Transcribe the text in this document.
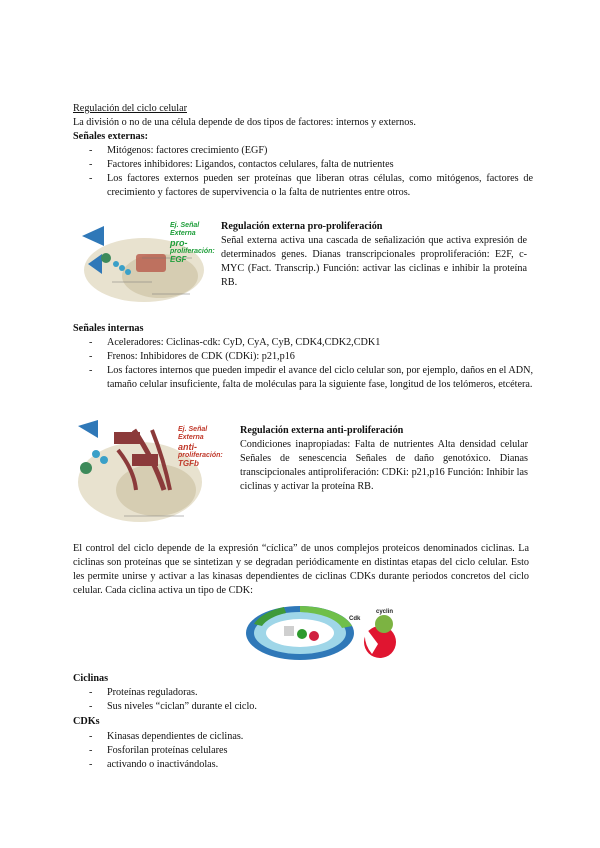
Regulación del ciclo celular
La división o no de una célula depende de dos tipos de factores: internos y externos.
Señales externas:
- Mitógenos: factores crecimiento (EGF)
- Factores inhibidores: Ligandos, contactos celulares, falta de nutrientes
- Los factores externos pueden ser proteínas que liberan otras células, como mitógenos, factores de crecimiento y factores de supervivencia o la falta de nutrientes entre otros.
Ej. Señal
Externa
pro-
proliferación:
EGF
Regulación externa pro-proliferación
Señal externa activa una cascada de señalización que activa expresión de determinados genes. Dianas transcripcionales proproliferación: E2F, c-MYC (Fact. Transcrip.) Función: activar las ciclinas e inhibir la proteína RB.
Señales internas
- Aceleradores: Ciclinas-cdk: CyD, CyA, CyB, CDK4,CDK2,CDK1
- Frenos: Inhibidores de CDK (CDKi): p21,p16
- Los factores internos que pueden impedir el avance del ciclo celular son, por ejemplo, daños en el ADN, tamaño celular insuficiente, falta de moléculas para la siguiente fase, longitud de los telómeros, etcétera.
Ej. Señal
Externa
anti-
proliferación:
TGFb
Regulación externa anti-proliferación
Condiciones inapropiadas: Falta de nutrientes Alta densidad celular Señales de senescencia Señales de daño genotóxico. Dianas transcipcionales antiproliferación: CDKi: p21,p16 Función: Inhibir las ciclinas y activar la proteína RB.
El control del ciclo depende de la expresión “cíclica” de unos complejos proteicos denominados ciclinas. La ciclinas son proteínas que se sintetizan y se degradan periódicamente en distintas etapas del ciclo celular. Esto les permite unirse y activar a las kinasas dependientes de ciclinas CDKs durante periodos concretos del ciclo celular. Cada ciclina activa un tipo de CDK:
Cdk
cyclin
Ciclinas
- Proteínas reguladoras.
- Sus niveles “ciclan” durante el ciclo.
CDKs
- Kinasas dependientes de ciclinas.
- Fosforilan proteínas celulares
- activando o inactivándolas.
